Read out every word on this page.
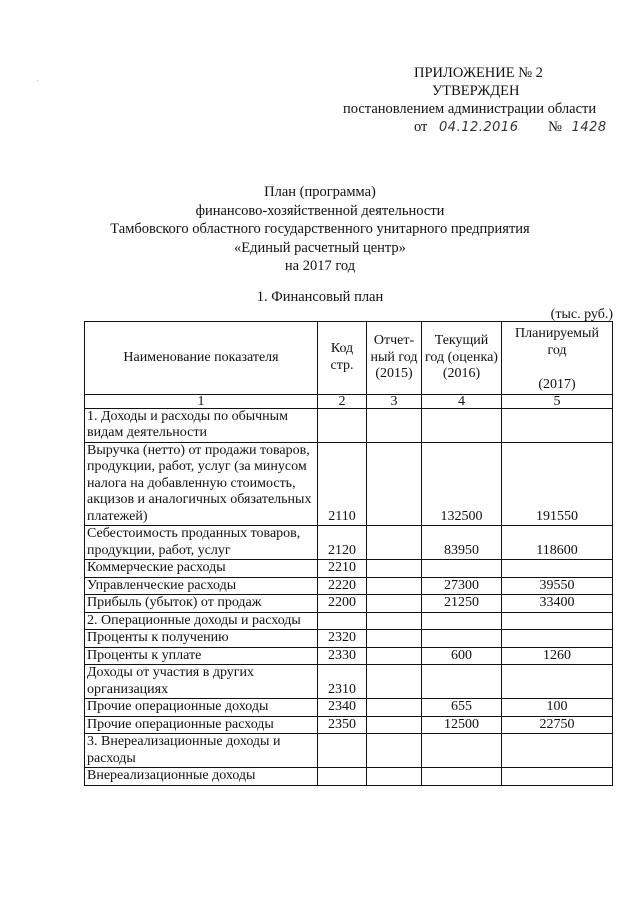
ПРИЛОЖЕНИЕ № 2
УТВЕРЖДЕН
постановлением администрации области
от 04.12.2016 № 1428
План (программа)
финансово-хозяйственной деятельности
Тамбовского областного государственного унитарного предприятия
«Единый расчетный центр»
на 2017 год
1. Финансовый план
(тыс. руб.)
Наименование показателя	Код стр.	Отчет-ный год (2015)	Текущий год (оценка) (2016)	Планируемый год
(2017)

1	2	3	4	5
1. Доходы и расходы по обычным видам деятельности				
Выручка (нетто) от продажи товаров, продукции, работ, услуг (за минусом налога на добавленную стоимость, акцизов и аналогичных обязательных платежей)	2110		132500	191550
Себестоимость проданных товаров, продукции, работ, услуг	2120		83950	118600
Коммерческие расходы	2210			
Управленческие расходы	2220		27300	39550
Прибыль (убыток) от продаж	2200		21250	33400
2. Операционные доходы и расходы				
Проценты к получению	2320			
Проценты к уплате	2330		600	1260
Доходы от участия в других организациях	2310			
Прочие операционные доходы	2340		655	100
Прочие операционные расходы	2350		12500	22750
3. Внереализационные доходы и расходы				
Внереализационные доходы				
